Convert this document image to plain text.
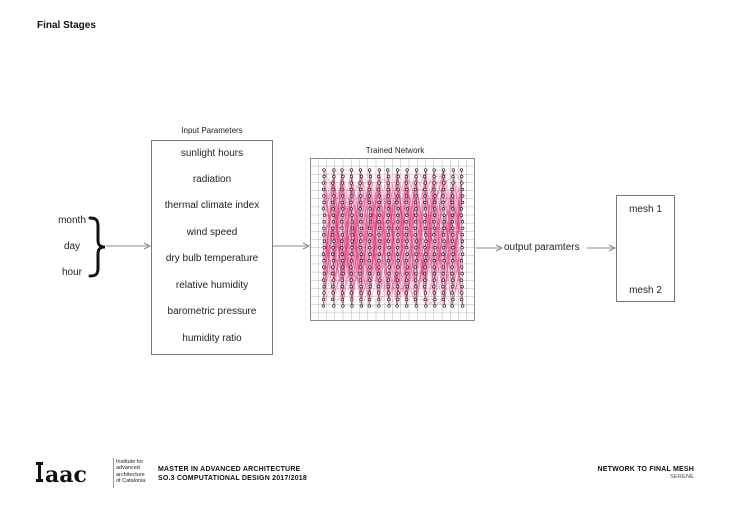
Final Stages
month
day
hour
Input Parameters
sunlight hours
radiation
thermal climate index
wind speed
dry bulb temperature
relative humidity
barometric pressure
humidity ratio
Trained Network
output paramters
mesh 1
mesh 2
aac	Institute for
advanced
architecture
of Catalonia
MASTER IN ADVANCED ARCHITECTURE
SO.3 COMPUTATIONAL DESIGN 2017/2018
NETWORK TO FINAL MESH
SERENE
